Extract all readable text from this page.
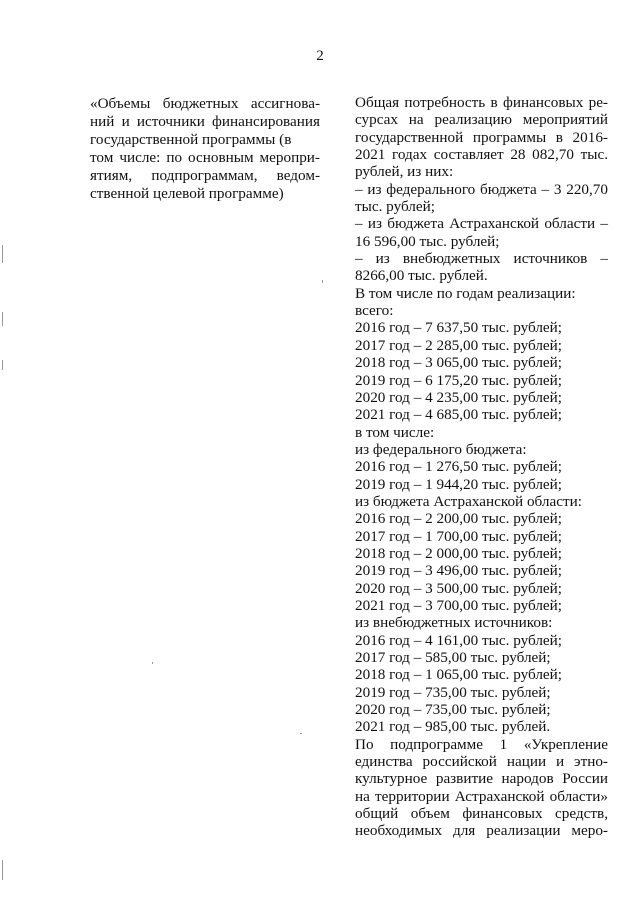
2
«Объемы бюджетных ассигнова-
ний и источники финансирования
государственной программы (в
том числе: по основным меропри-
ятиям, подпрограммам, ведом-
ственной целевой программе)
Общая потребность в финансовых ре-
сурсах на реализацию мероприятий
государственной программы в 2016-
2021 годах составляет 28 082,70 тыс.
рублей, из них:
– из федерального бюджета – 3 220,70
тыс. рублей;
– из бюджета Астраханской области –
16 596,00 тыс. рублей;
– из внебюджетных источников –
8266,00 тыс. рублей.
В том числе по годам реализации:
всего:
2016 год – 7 637,50 тыс. рублей;
2017 год – 2 285,00 тыс. рублей;
2018 год – 3 065,00 тыс. рублей;
2019 год – 6 175,20 тыс. рублей;
2020 год – 4 235,00 тыс. рублей;
2021 год – 4 685,00 тыс. рублей;
в том числе:
из федерального бюджета:
2016 год – 1 276,50 тыс. рублей;
2019 год – 1 944,20 тыс. рублей;
из бюджета Астраханской области:
2016 год – 2 200,00 тыс. рублей;
2017 год – 1 700,00 тыс. рублей;
2018 год – 2 000,00 тыс. рублей;
2019 год – 3 496,00 тыс. рублей;
2020 год – 3 500,00 тыс. рублей;
2021 год – 3 700,00 тыс. рублей;
из внебюджетных источников:
2016 год – 4 161,00 тыс. рублей;
2017 год – 585,00 тыс. рублей;
2018 год – 1 065,00 тыс. рублей;
2019 год – 735,00 тыс. рублей;
2020 год – 735,00 тыс. рублей;
2021 год – 985,00 тыс. рублей.
По подпрограмме 1 «Укрепление
единства российской нации и этно-
культурное развитие народов России
на территории Астраханской области»
общий объем финансовых средств,
необходимых для реализации меро-
